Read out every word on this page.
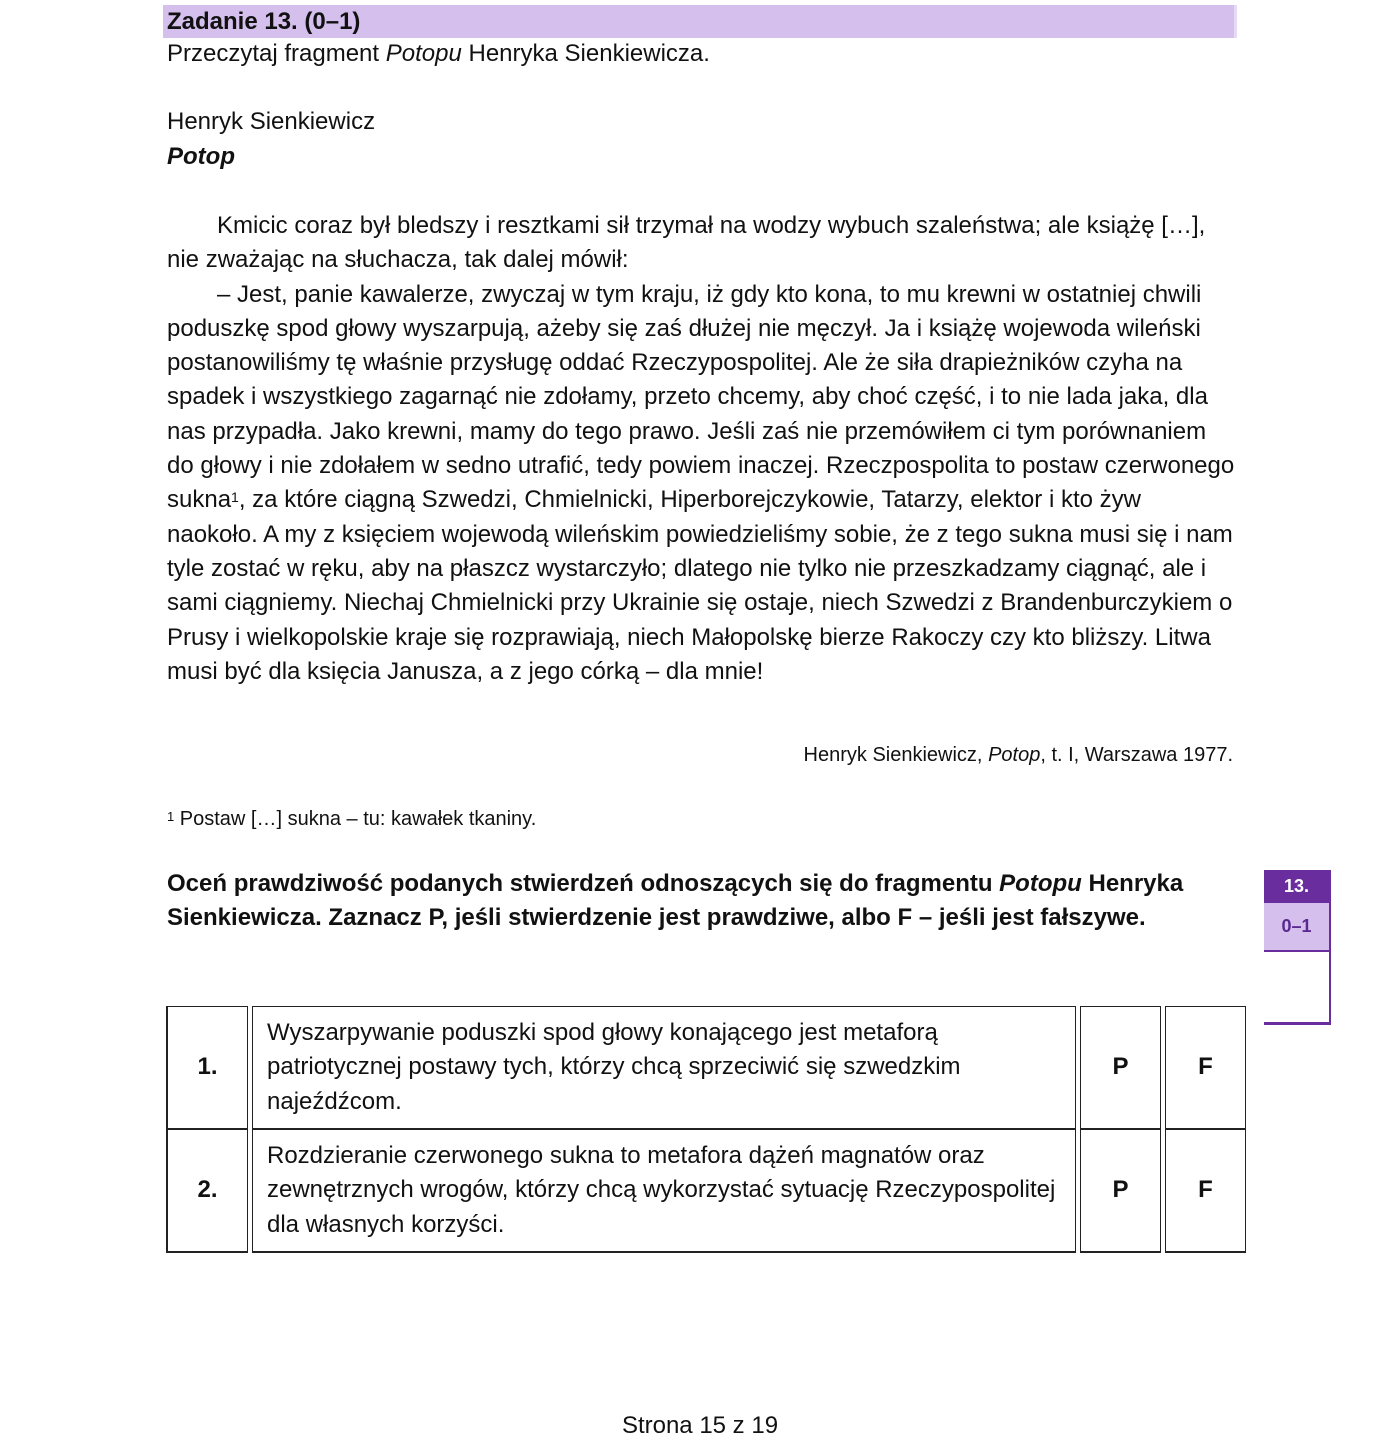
Zadanie 13. (0–1)
Przeczytaj fragment Potopu Henryka Sienkiewicza.
Henryk Sienkiewicz
Potop

Kmicic coraz był bledszy i resztkami sił trzymał na wodzy wybuch szaleństwa; ale książę […], nie zważając na słuchacza, tak dalej mówił:

– Jest, panie kawalerze, zwyczaj w tym kraju, iż gdy kto kona, to mu krewni w ostatniej chwili poduszkę spod głowy wyszarpują, ażeby się zaś dłużej nie męczył. Ja i książę wojewoda wileński postanowiliśmy tę właśnie przysługę oddać Rzeczypospolitej. Ale że siła drapieżników czyha na spadek i wszystkiego zagarnąć nie zdołamy, przeto chcemy, aby choć część, i to nie lada jaka, dla nas przypadła. Jako krewni, mamy do tego prawo. Jeśli zaś nie przemówiłem ci tym porównaniem do głowy i nie zdołałem w sedno utrafić, tedy powiem inaczej. Rzeczpospolita to postaw czerwonego sukna$^1$, za które ciągną Szwedzi, Chmielnicki, Hiperborejczykowie, Tatarzy, elektor i kto żyw naokoło. A my z księciem wojewodą wileńskim powiedzieliśmy sobie, że z tego sukna musi się i nam tyle zostać w ręku, aby na płaszcz wystarczyło; dlatego nie tylko nie przeszkadzamy ciągnąć, ale i sami ciągniemy. Niechaj Chmielnicki przy Ukrainie się ostaje, niech Szwedzi z Brandenburczykiem o Prusy i wielkopolskie kraje się rozprawiają, niech Małopolskę bierze Rakoczy czy kto bliższy. Litwa musi być dla księcia Janusza, a z jego córką – dla mnie!

Henryk Sienkiewicz, Potop, t. I, Warszawa 1977.
$^1$ Postaw […] sukna – tu: kawałek tkaniny.
Oceń prawdziwość podanych stwierdzeń odnoszących się do fragmentu Potopu Henryka Sienkiewicza. Zaznacz P, jeśli stwierdzenie jest prawdziwe, albo F – jeśli jest fałszywe.
13.
0–1
1.		Wyszarpywanie poduszki spod głowy konającego jest metaforą patriotycznej postawy tych, którzy chcą sprzeciwić się szwedzkim najeźdźcom.		P		F
2.		Rozdzieranie czerwonego sukna to metafora dążeń magnatów oraz zewnętrznych wrogów, którzy chcą wykorzystać sytuację Rzeczypospolitej dla własnych korzyści.		P		F
Strona 15 z 19
